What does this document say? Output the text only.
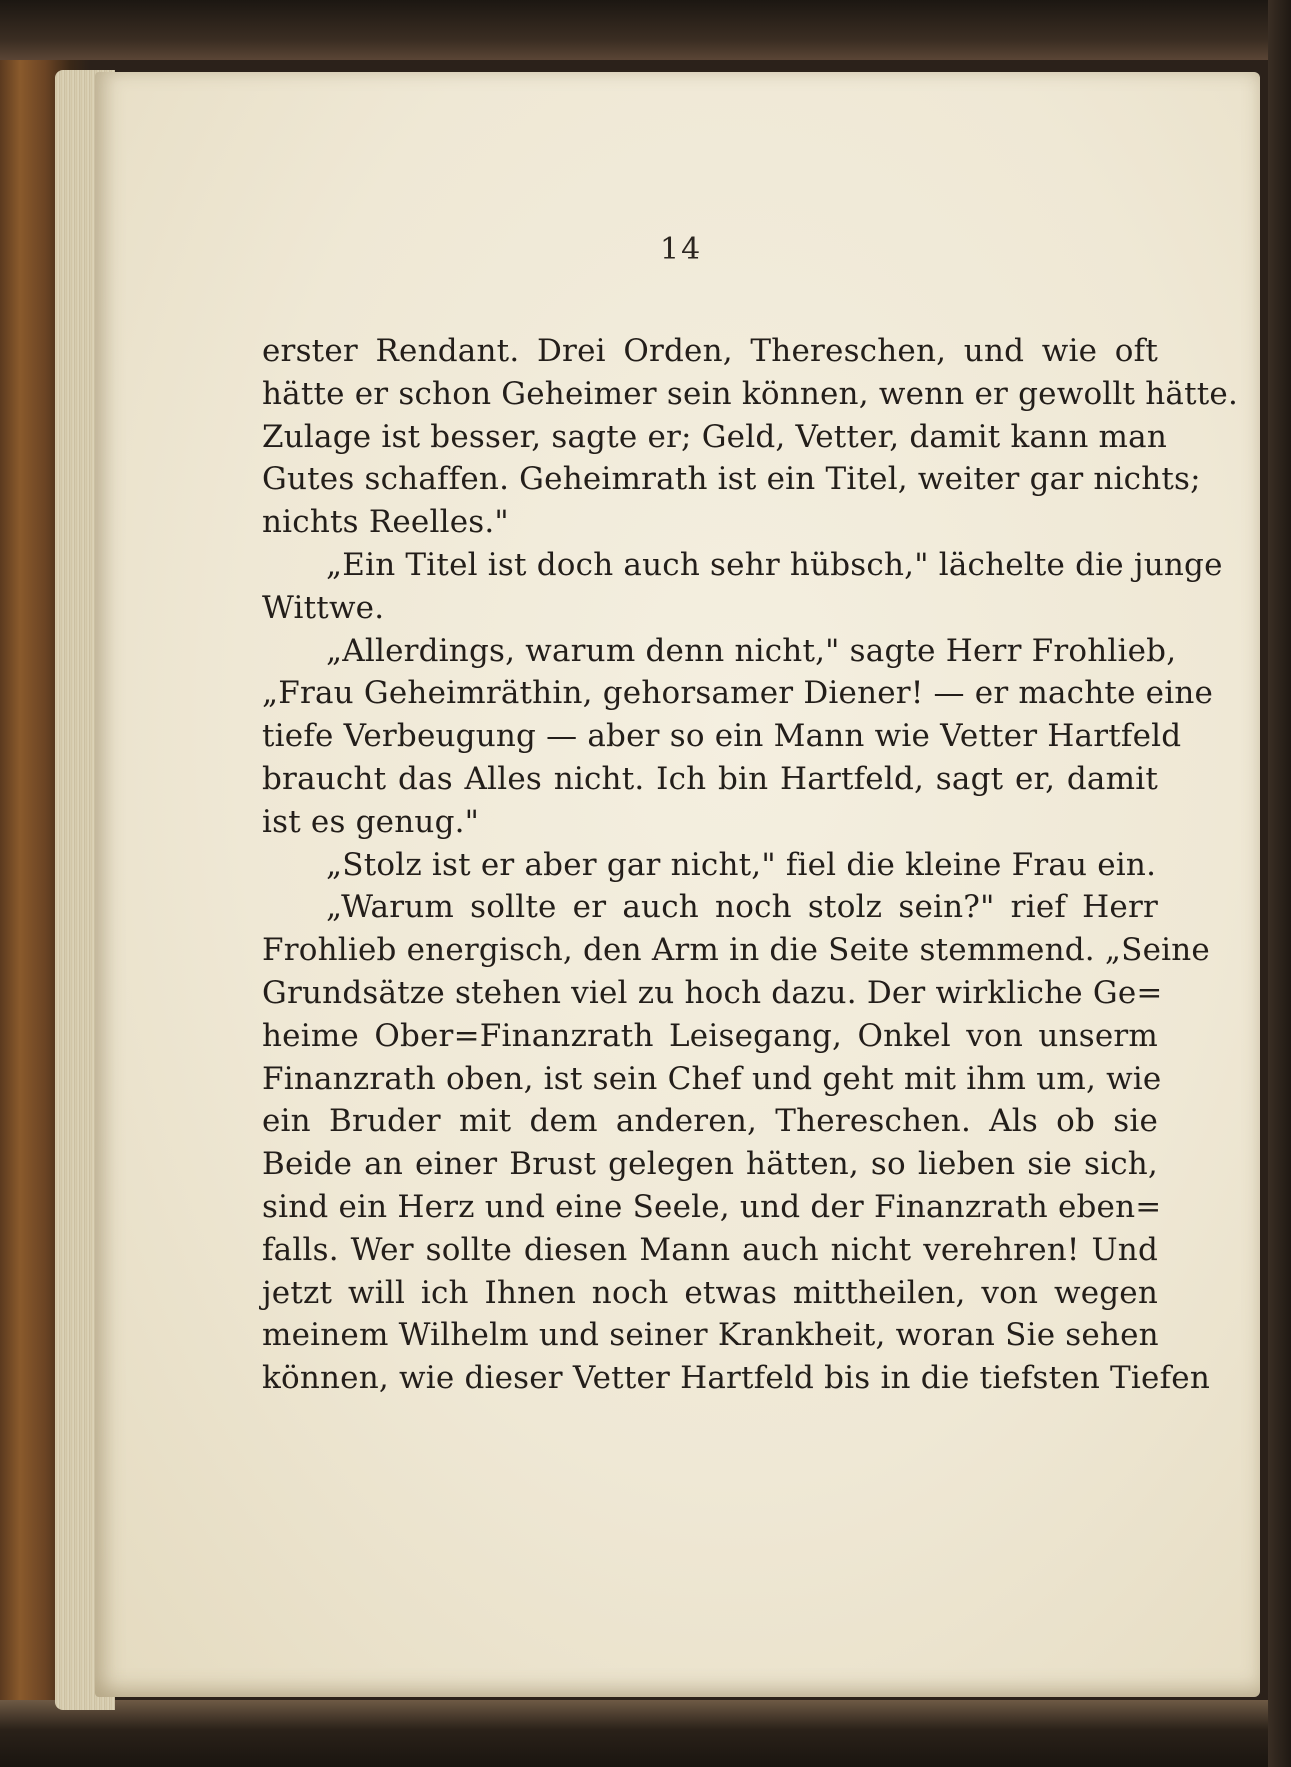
14
erster Rendant. Drei Orden, Thereschen, und wie oft
hätte er schon Geheimer sein können, wenn er gewollt hätte.
Zulage ist besser, sagte er; Geld, Vetter, damit kann man
Gutes schaffen. Geheimrath ist ein Titel, weiter gar nichts;
nichts Reelles."
„Ein Titel ist doch auch sehr hübsch," lächelte die junge
Wittwe.
„Allerdings, warum denn nicht," sagte Herr Frohlieb,
„Frau Geheimräthin, gehorsamer Diener! — er machte eine
tiefe Verbeugung — aber so ein Mann wie Vetter Hartfeld
braucht das Alles nicht. Ich bin Hartfeld, sagt er, damit
ist es genug."
„Stolz ist er aber gar nicht," fiel die kleine Frau ein.
„Warum sollte er auch noch stolz sein?" rief Herr
Frohlieb energisch, den Arm in die Seite stemmend. „Seine
Grundsätze stehen viel zu hoch dazu. Der wirkliche Ge=
heime Ober=Finanzrath Leisegang, Onkel von unserm
Finanzrath oben, ist sein Chef und geht mit ihm um, wie
ein Bruder mit dem anderen, Thereschen. Als ob sie
Beide an einer Brust gelegen hätten, so lieben sie sich,
sind ein Herz und eine Seele, und der Finanzrath eben=
falls. Wer sollte diesen Mann auch nicht verehren! Und
jetzt will ich Ihnen noch etwas mittheilen, von wegen
meinem Wilhelm und seiner Krankheit, woran Sie sehen
können, wie dieser Vetter Hartfeld bis in die tiefsten Tiefen
